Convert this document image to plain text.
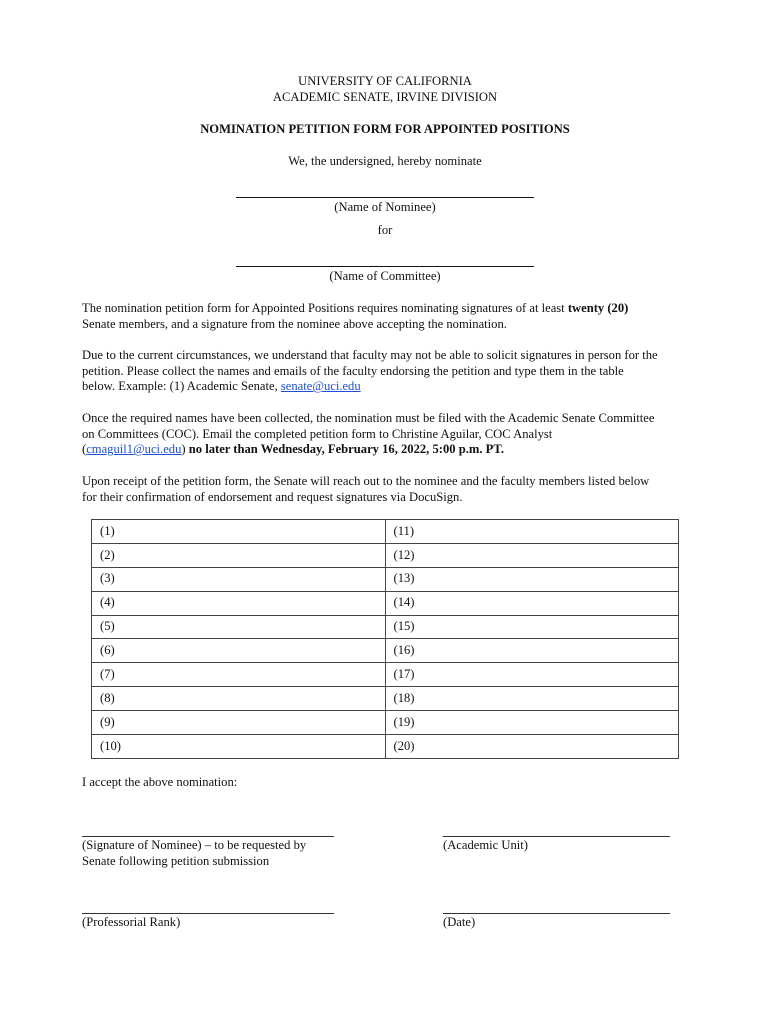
UNIVERSITY OF CALIFORNIA
ACADEMIC SENATE, IRVINE DIVISION
NOMINATION PETITION FORM FOR APPOINTED POSITIONS
We, the undersigned, hereby nominate
(Name of Nominee)
for
(Name of Committee)
The nomination petition form for Appointed Positions requires nominating signatures of at least twenty (20)
Senate members, and a signature from the nominee above accepting the nomination.
Due to the current circumstances, we understand that faculty may not be able to solicit signatures in person for the
petition. Please collect the names and emails of the faculty endorsing the petition and type them in the table
below. Example: (1) Academic Senate, senate@uci.edu
Once the required names have been collected, the nomination must be filed with the Academic Senate Committee
on Committees (COC). Email the completed petition form to Christine Aguilar, COC Analyst
(cmaguil1@uci.edu) no later than Wednesday, February 16, 2022, 5:00 p.m. PT.
Upon receipt of the petition form, the Senate will reach out to the nominee and the faculty members listed below
for their confirmation of endorsement and request signatures via DocuSign.
(1)	(11)
(2)	(12)
(3)	(13)
(4)	(14)
(5)	(15)
(6)	(16)
(7)	(17)
(8)	(18)
(9)	(19)
(10)	(20)
I accept the above nomination:
(Signature of Nominee) – to be requested by
Senate following petition submission
(Academic Unit)
(Professorial Rank)	(Date)
